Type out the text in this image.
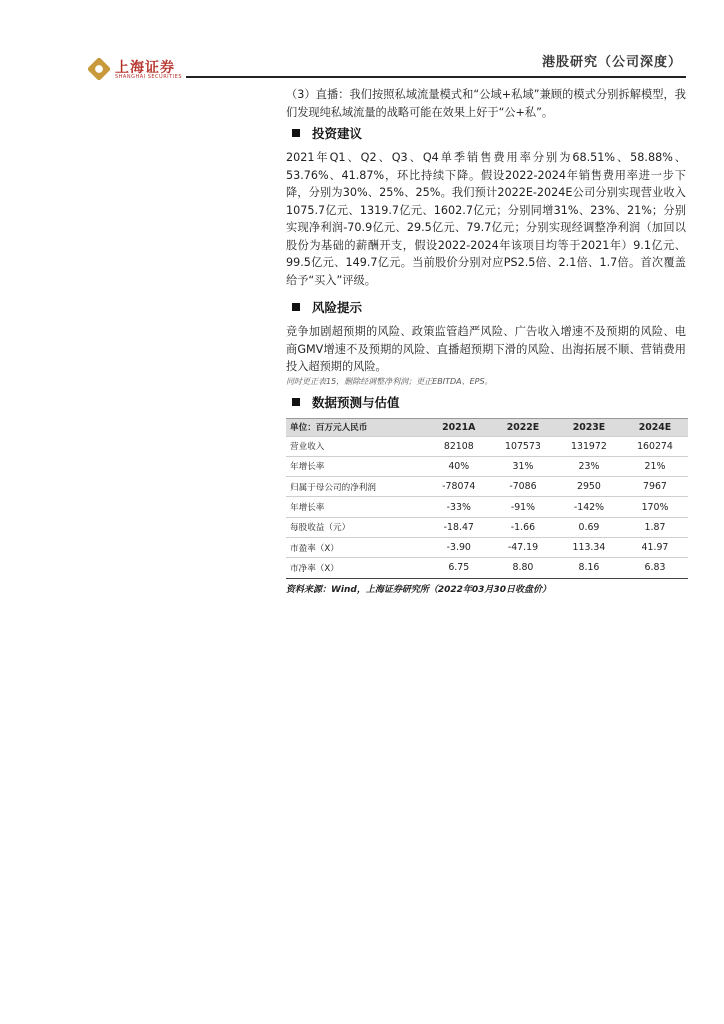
上海证券
SHANGHAI SECURITIES
港股研究（公司深度）

（3）直播：我们按照私域流量模式和“公域+私域”兼顾的模式分别拆解模型，我们发现纯私域流量的战略可能在效果上好于“公+私”。

投资建议

2021年Q1、Q2、Q3、Q4单季销售费用率分别为68.51%、58.88%、53.76%、41.87%，环比持续下降。假设2022-2024年销售费用率进一步下降，分别为30%、25%、25%。我们预计2022E-2024E公司分别实现营业收入1075.7亿元、1319.7亿元、1602.7亿元；分别同增31%、23%、21%；分别实现净利润-70.9亿元、29.5亿元、79.7亿元；分别实现经调整净利润（加回以股份为基础的薪酬开支，假设2022-2024年该项目均等于2021年）9.1亿元、99.5亿元、149.7亿元。当前股价分别对应PS2.5倍、2.1倍、1.7倍。首次覆盖给予“买入”评级。

风险提示

竞争加剧超预期的风险、政策监管趋严风险、广告收入增速不及预期的风险、电商GMV增速不及预期的风险、直播超预期下滑的风险、出海拓展不顺、营销费用投入超预期的风险。

同时更正表15，删除经调整净利润；更正EBITDA、EPS。

数据预测与估值
单位：百万元人民币	2021A	2022E	2023E	2024E
营业收入	82108	107573	131972	160274
年增长率	40%	31%	23%	21%
归属于母公司的净利润	-78074	-7086	2950	7967
年增长率	-33%	-91%	-142%	170%
每股收益（元）	-18.47	-1.66	0.69	1.87
市盈率（X）	-3.90	-47.19	113.34	41.97
市净率（X）	6.75	8.80	8.16	6.83
资料来源：Wind，上海证券研究所（2022年03月30日收盘价）
